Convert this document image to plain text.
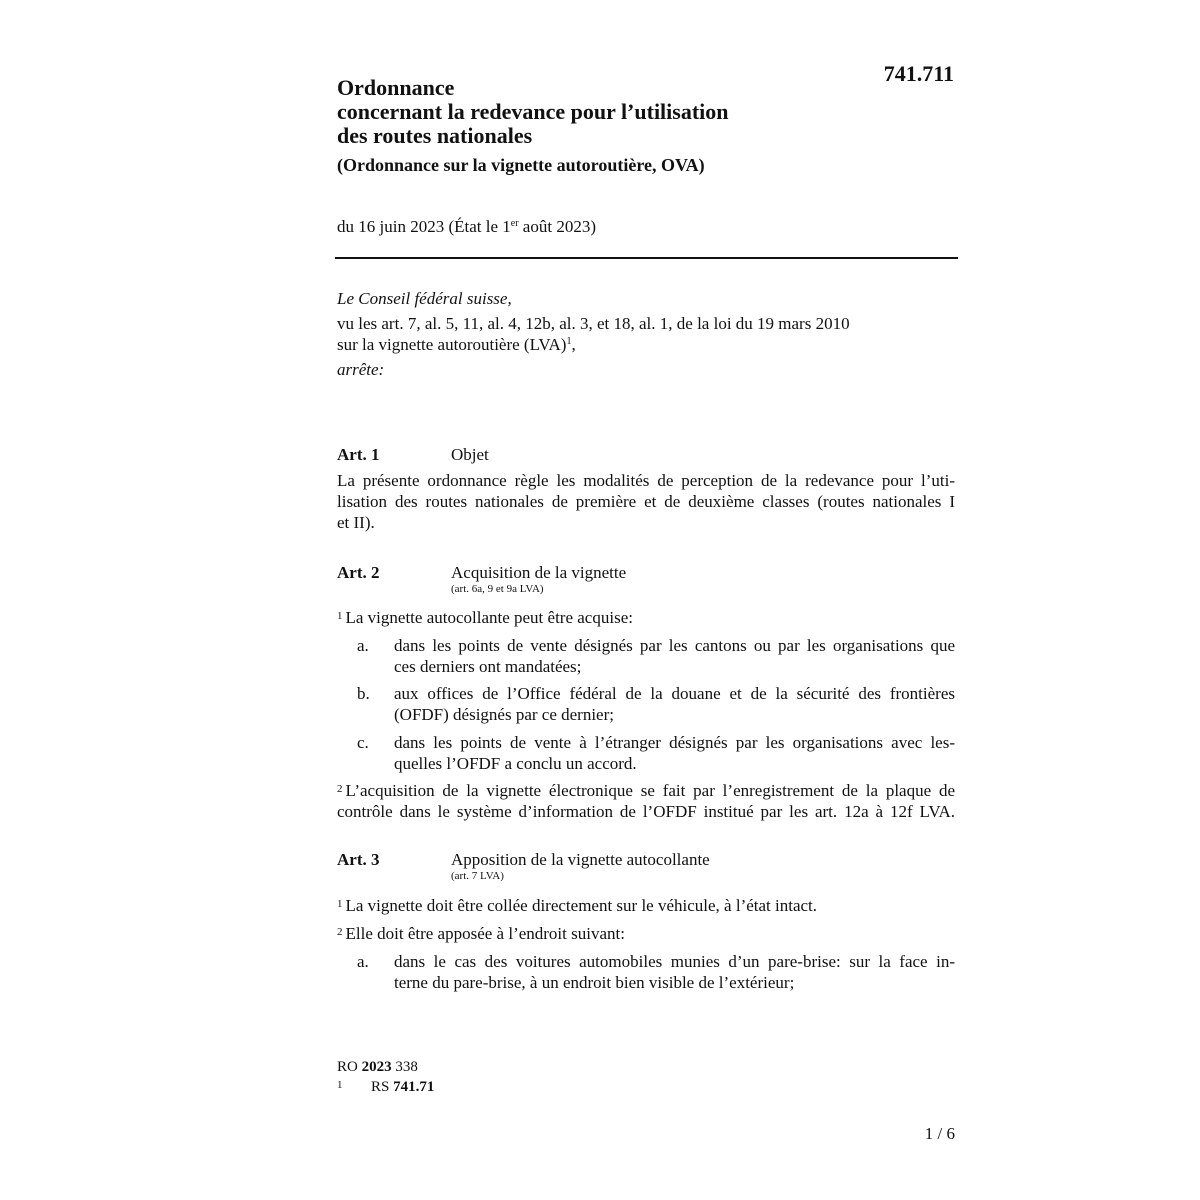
741.711
Ordonnance
concernant la redevance pour l’utilisation
des routes nationales
(Ordonnance sur la vignette autoroutière, OVA)
du 16 juin 2023 (État le 1er août 2023)
Le Conseil fédéral suisse,
vu les art. 7, al. 5, 11, al. 4, 12b, al. 3, et 18, al. 1, de la loi du 19 mars 2010
sur la vignette autoroutière (LVA)$^1$,
arrête:
Art. 1	Objet
La présente ordonnance règle les modalités de perception de la redevance pour l’uti-
lisation des routes nationales de première et de deuxième classes (routes nationales I
et II).
Art. 2	Acquisition de la vignette
(art. 6a, 9 et 9a LVA)
$^1$ La vignette autocollante peut être acquise:
a. dans les points de vente désignés par les cantons ou par les organisations que
ces derniers ont mandatées;
b. aux offices de l’Office fédéral de la douane et de la sécurité des frontières
(OFDF) désignés par ce dernier;
c. dans les points de vente à l’étranger désignés par les organisations avec les-
quelles l’OFDF a conclu un accord.
$^2$ L’acquisition de la vignette électronique se fait par l’enregistrement de la plaque de
contrôle dans le système d’information de l’OFDF institué par les art. 12a à 12f LVA.
Art. 3	Apposition de la vignette autocollante
(art. 7 LVA)
$^1$ La vignette doit être collée directement sur le véhicule, à l’état intact.
$^2$ Elle doit être apposée à l’endroit suivant:
a. dans le cas des voitures automobiles munies d’un pare-brise: sur la face in-
terne du pare-brise, à un endroit bien visible de l’extérieur;
RO 2023 338
1 RS 741.71
1 / 6
